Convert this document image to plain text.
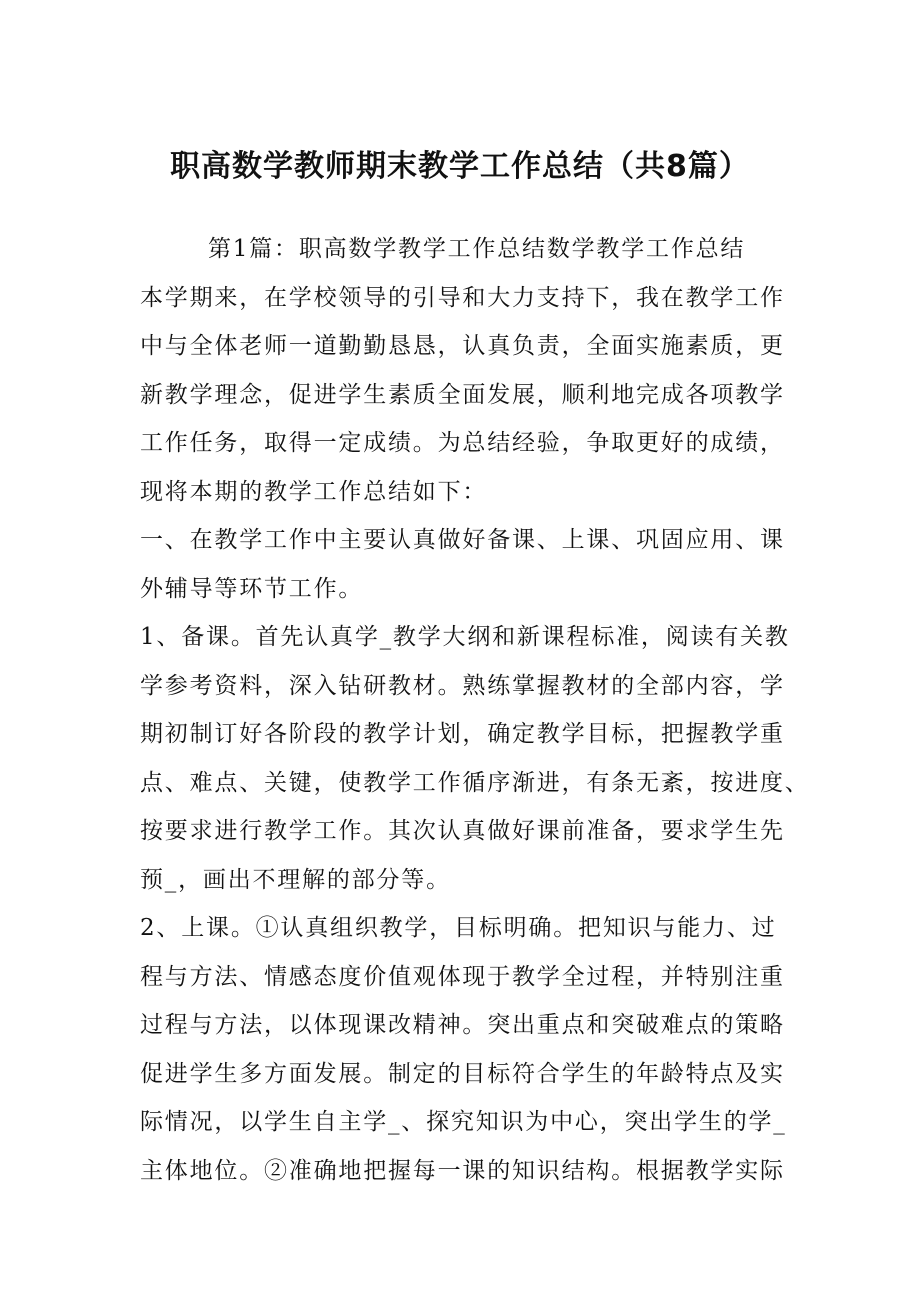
职高数学教师期末教学工作总结（共8篇）
第1篇：职高数学教学工作总结数学教学工作总结
本学期来，在学校领导的引导和大力支持下，我在教学工作
中与全体老师一道勤勤恳恳，认真负责，全面实施素质，更
新教学理念，促进学生素质全面发展，顺利地完成各项教学
工作任务，取得一定成绩。为总结经验，争取更好的成绩，
现将本期的教学工作总结如下：
一、在教学工作中主要认真做好备课、上课、巩固应用、课
外辅导等环节工作。
1、备课。首先认真学_教学大纲和新课程标准，阅读有关教
学参考资料，深入钻研教材。熟练掌握教材的全部内容，学
期初制订好各阶段的教学计划，确定教学目标，把握教学重
点、难点、关键，使教学工作循序渐进，有条无紊，按进度、
按要求进行教学工作。其次认真做好课前准备，要求学生先
预_，画出不理解的部分等。
2、上课。①认真组织教学，目标明确。把知识与能力、过
程与方法、情感态度价值观体现于教学全过程，并特别注重
过程与方法，以体现课改精神。突出重点和突破难点的策略
促进学生多方面发展。制定的目标符合学生的年龄特点及实
际情况，以学生自主学_、探究知识为中心，突出学生的学_
主体地位。②准确地把握每一课的知识结构。根据教学实际
